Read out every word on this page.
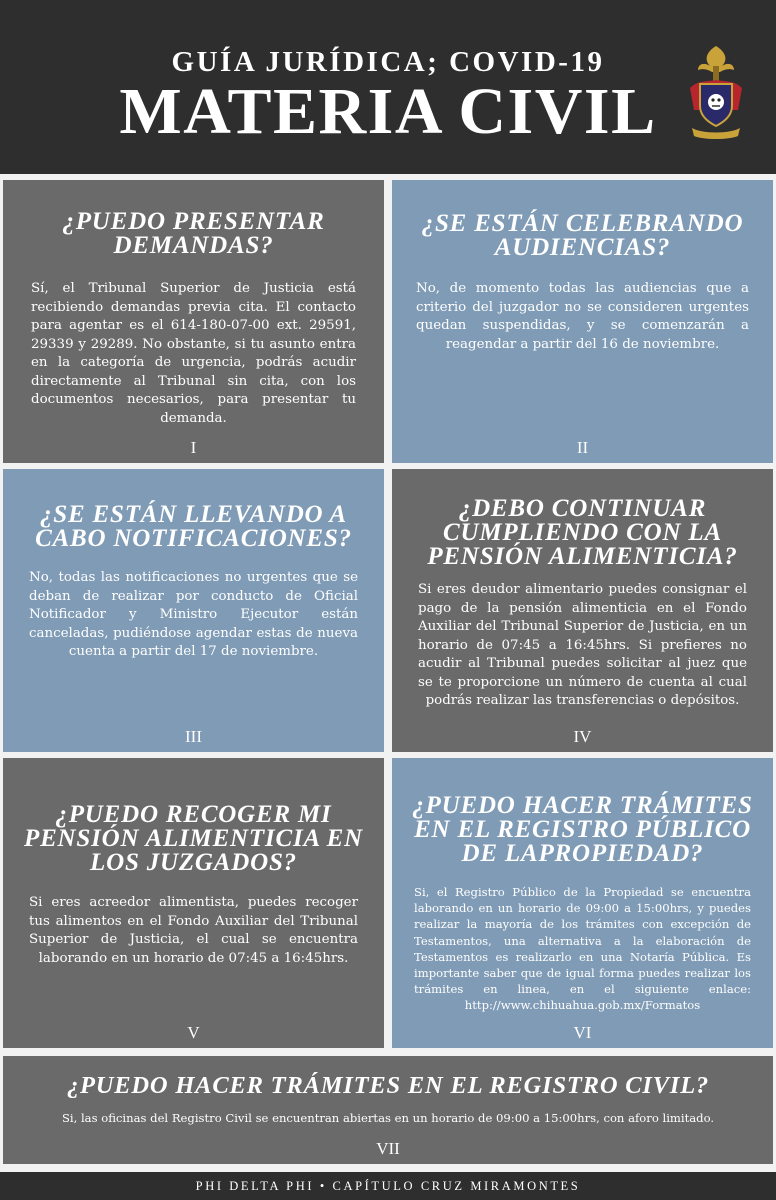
GUÍA JURÍDICA; COVID-19
MATERIA CIVIL
¿PUEDO PRESENTAR DEMANDAS?
Sí, el Tribunal Superior de Justicia está recibiendo demandas previa cita. El contacto para agentar es el 614-180-07-00 ext. 29591, 29339 y 29289. No obstante, si tu asunto entra en la categoría de urgencia, podrás acudir directamente al Tribunal sin cita, con los documentos necesarios, para presentar tu demanda.
I
¿SE ESTÁN CELEBRANDO AUDIENCIAS?
No, de momento todas las audiencias que a criterio del juzgador no se consideren urgentes quedan suspendidas, y se comenzarán a reagendar a partir del 16 de noviembre.
II
¿SE ESTÁN LLEVANDO A CABO NOTIFICACIONES?
No, todas las notificaciones no urgentes que se deban de realizar por conducto de Oficial Notificador y Ministro Ejecutor están canceladas, pudiéndose agendar estas de nueva cuenta a partir del 17 de noviembre.
III
¿DEBO CONTINUAR CUMPLIENDO CON LA PENSIÓN ALIMENTICIA?
Si eres deudor alimentario puedes consignar el pago de la pensión alimenticia en el Fondo Auxiliar del Tribunal Superior de Justicia, en un horario de 07:45 a 16:45hrs. Si prefieres no acudir al Tribunal puedes solicitar al juez que se te proporcione un número de cuenta al cual podrás realizar las transferencias o depósitos.
IV
¿PUEDO RECOGER MI PENSIÓN ALIMENTICIA EN LOS JUZGADOS?
Si eres acreedor alimentista, puedes recoger tus alimentos en el Fondo Auxiliar del Tribunal Superior de Justicia, el cual se encuentra laborando en un horario de 07:45 a 16:45hrs.
V
¿PUEDO HACER TRÁMITES EN EL REGISTRO PÚBLICO DE LAPROPIEDAD?
Si, el Registro Público de la Propiedad se encuentra laborando en un horario de 09:00 a 15:00hrs, y puedes realizar la mayoría de los trámites con excepción de Testamentos, una alternativa a la elaboración de Testamentos es realizarlo en una Notaría Pública. Es importante saber que de igual forma puedes realizar los trámites en linea, en el siguiente enlace: http://www.chihuahua.gob.mx/Formatos
VI
¿PUEDO HACER TRÁMITES EN EL REGISTRO CIVIL?
Si, las oficinas del Registro Civil se encuentran abiertas en un horario de 09:00 a 15:00hrs, con aforo limitado.
VII
PHI DELTA PHI • CAPÍTULO CRUZ MIRAMONTES
